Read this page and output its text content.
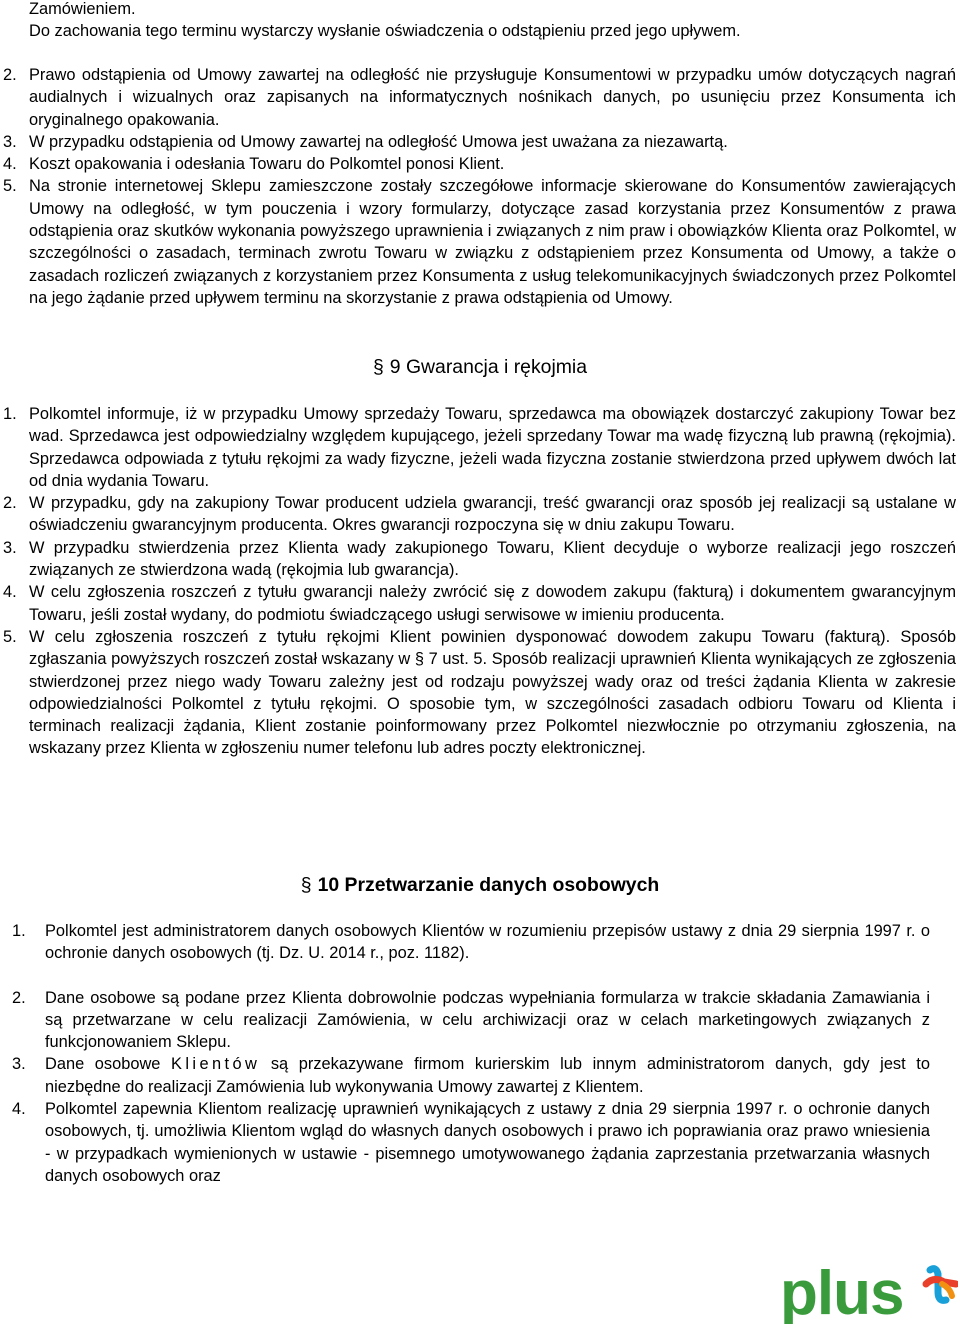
Zamówieniem.

Do zachowania tego terminu wystarczy wysłanie oświadczenia o odstąpieniu przed jego upływem.

2. Prawo odstąpienia od Umowy zawartej na odległość nie przysługuje Konsumentowi w przypadku umów dotyczących nagrań audialnych i wizualnych oraz zapisanych na informatycznych nośnikach danych, po usunięciu przez Konsumenta ich oryginalnego opakowania.
3. W przypadku odstąpienia od Umowy zawartej na odległość Umowa jest uważana za niezawartą.
4. Koszt opakowania i odesłania Towaru do Polkomtel ponosi Klient.
5. Na stronie internetowej Sklepu zamieszczone zostały szczegółowe informacje skierowane do Konsumentów zawierających Umowy na odległość, w tym pouczenia i wzory formularzy, dotyczące zasad korzystania przez Konsumentów z prawa odstąpienia oraz skutków wykonania powyższego uprawnienia i związanych z nim praw i obowiązków Klienta oraz Polkomtel, w szczególności o zasadach, terminach zwrotu Towaru w związku z odstąpieniem przez Konsumenta od Umowy, a także o zasadach rozliczeń związanych z korzystaniem przez Konsumenta z usług telekomunikacyjnych świadczonych przez Polkomtel na jego żądanie przed upływem terminu na skorzystanie z prawa odstąpienia od Umowy.
§ 9 Gwarancja i rękojmia
1. Polkomtel informuje, iż w przypadku Umowy sprzedaży Towaru, sprzedawca ma obowiązek dostarczyć zakupiony Towar bez wad. Sprzedawca jest odpowiedzialny względem kupującego, jeżeli sprzedany Towar ma wadę fizyczną lub prawną (rękojmia). Sprzedawca odpowiada z tytułu rękojmi za wady fizyczne, jeżeli wada fizyczna zostanie stwierdzona przed upływem dwóch lat od dnia wydania Towaru.
2. W przypadku, gdy na zakupiony Towar producent udziela gwarancji, treść gwarancji oraz sposób jej realizacji są ustalane w oświadczeniu gwarancyjnym producenta. Okres gwarancji rozpoczyna się w dniu zakupu Towaru.
3. W przypadku stwierdzenia przez Klienta wady zakupionego Towaru, Klient decyduje o wyborze realizacji jego roszczeń związanych ze stwierdzona wadą (rękojmia lub gwarancja).
4. W celu zgłoszenia roszczeń z tytułu gwarancji należy zwrócić się z dowodem zakupu (fakturą) i dokumentem gwarancyjnym Towaru, jeśli został wydany, do podmiotu świadczącego usługi serwisowe w imieniu producenta.
5. W celu zgłoszenia roszczeń z tytułu rękojmi Klient powinien dysponować dowodem zakupu Towaru (fakturą). Sposób zgłaszania powyższych roszczeń został wskazany w § 7 ust. 5. Sposób realizacji uprawnień Klienta wynikających ze zgłoszenia stwierdzonej przez niego wady Towaru zależny jest od rodzaju powyższej wady oraz od treści żądania Klienta w zakresie odpowiedzialności Polkomtel z tytułu rękojmi. O sposobie tym, w szczególności zasadach odbioru Towaru od Klienta i terminach realizacji żądania, Klient zostanie poinformowany przez Polkomtel niezwłocznie po otrzymaniu zgłoszenia, na wskazany przez Klienta w zgłoszeniu numer telefonu lub adres poczty elektronicznej.
§ 10 Przetwarzanie danych osobowych
1. Polkomtel jest administratorem danych osobowych Klientów w rozumieniu przepisów ustawy z dnia 29 sierpnia 1997 r. o ochronie danych osobowych (tj. Dz. U. 2014 r., poz. 1182).
2. Dane osobowe są podane przez Klienta dobrowolnie podczas wypełniania formularza w trakcie składania Zamawiania i są przetwarzane w celu realizacji Zamówienia, w celu archiwizacji oraz w celach marketingowych związanych z funkcjonowaniem Sklepu.
3. Dane osobowe Klientów są przekazywane firmom kurierskim lub innym administratorom danych, gdy jest to niezbędne do realizacji Zamówienia lub wykonywania Umowy zawartej z Klientem.
4. Polkomtel zapewnia Klientom realizację uprawnień wynikających z ustawy z dnia 29 sierpnia 1997 r. o ochronie danych osobowych, tj. umożliwia Klientom wgląd do własnych danych osobowych i prawo ich poprawiania oraz prawo wniesienia - w przypadkach wymienionych w ustawie - pisemnego umotywowanego żądania zaprzestania przetwarzania własnych danych osobowych oraz
plus
